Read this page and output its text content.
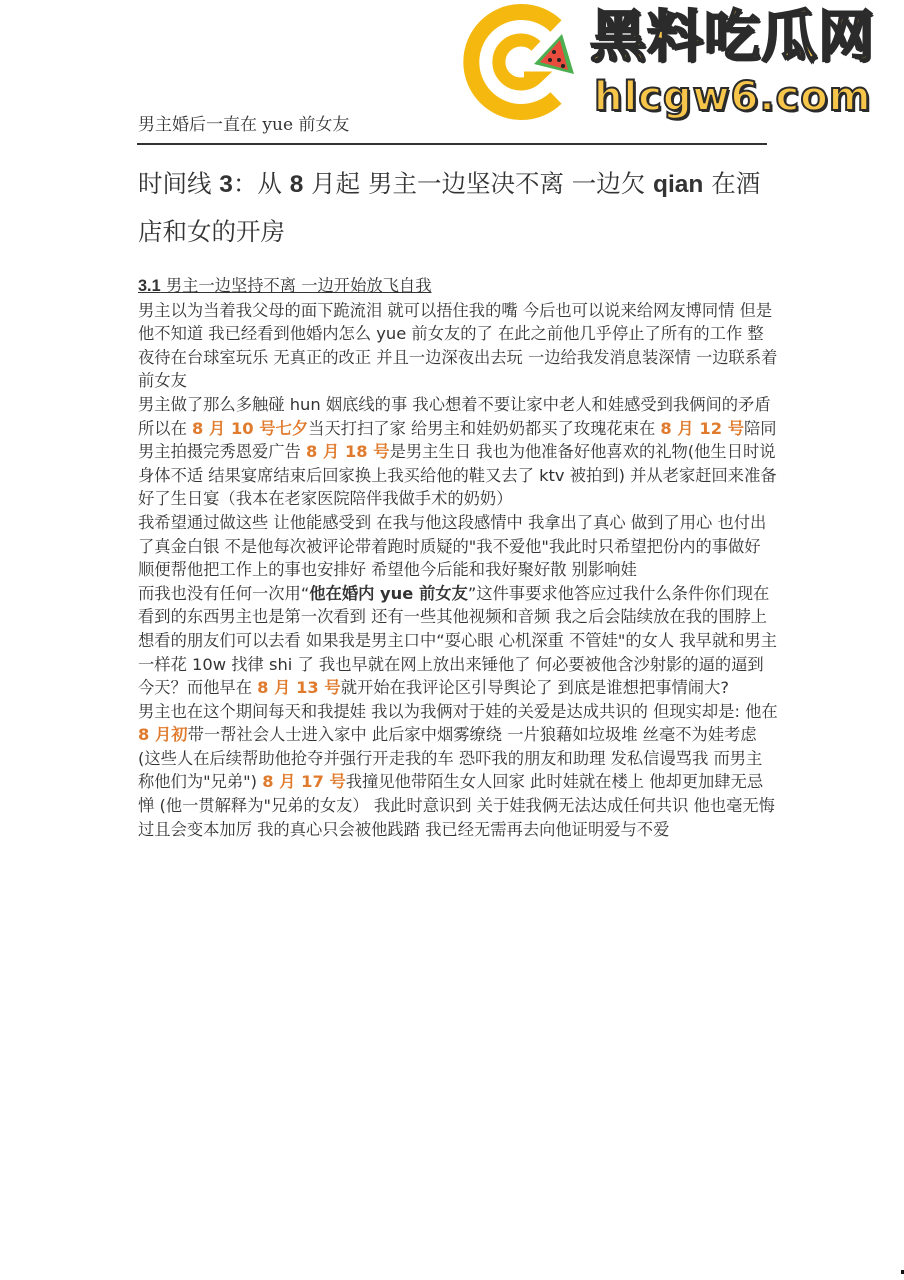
黑料吃瓜网
hlcgw6.com
男主婚后一直在 yue 前女友
时间线 3：从 8 月起 男主一边坚决不离 一边欠 qian 在酒店和女的开房

3.1 男主一边坚持不离 一边开始放飞自我

男主以为当着我父母的面下跪流泪 就可以捂住我的嘴 今后也可以说来给网友博同情 但是他不知道 我已经看到他婚内怎么 yue 前女友的了 在此之前他几乎停止了所有的工作 整夜待在台球室玩乐 无真正的改正 并且一边深夜出去玩 一边给我发消息装深情 一边联系着前女友

男主做了那么多触碰 hun 姻底线的事 我心想着不要让家中老人和娃感受到我俩间的矛盾 所以在 8 月 10 号七夕当天打扫了家 给男主和娃奶奶都买了玫瑰花束在 8 月 12 号陪同男主拍摄完秀恩爱广告 8 月 18 号是男主生日 我也为他准备好他喜欢的礼物(他生日时说身体不适 结果宴席结束后回家换上我买给他的鞋又去了 ktv 被拍到) 并从老家赶回来准备好了生日宴（我本在老家医院陪伴我做手术的奶奶）

我希望通过做这些 让他能感受到 在我与他这段感情中 我拿出了真心 做到了用心 也付出了真金白银 不是他每次被评论带着跑时质疑的"我不爱他"我此时只希望把份内的事做好 顺便帮他把工作上的事也安排好 希望他今后能和我好聚好散 别影响娃

而我也没有任何一次用“他在婚内 yue 前女友”这件事要求他答应过我什么条件你们现在看到的东西男主也是第一次看到 还有一些其他视频和音频 我之后会陆续放在我的围脖上 想看的朋友们可以去看 如果我是男主口中“耍心眼 心机深重 不管娃"的女人 我早就和男主一样花 10w 找律 shi 了 我也早就在网上放出来锤他了 何必要被他含沙射影的逼的逼到今天？而他早在 8 月 13 号就开始在我评论区引导舆论了 到底是谁想把事情闹大?

男主也在这个期间每天和我提娃 我以为我俩对于娃的关爱是达成共识的 但现实却是: 他在 8 月初带一帮社会人士进入家中 此后家中烟雾缭绕 一片狼藉如垃圾堆 丝毫不为娃考虑 (这些人在后续帮助他抢夺并强行开走我的车 恐吓我的朋友和助理 发私信谩骂我 而男主称他们为"兄弟") 8 月 17 号我撞见他带陌生女人回家 此时娃就在楼上 他却更加肆无忌惮 (他一贯解释为"兄弟的女友） 我此时意识到 关于娃我俩无法达成任何共识 他也毫无悔过且会变本加厉 我的真心只会被他践踏 我已经无需再去向他证明爱与不爱
